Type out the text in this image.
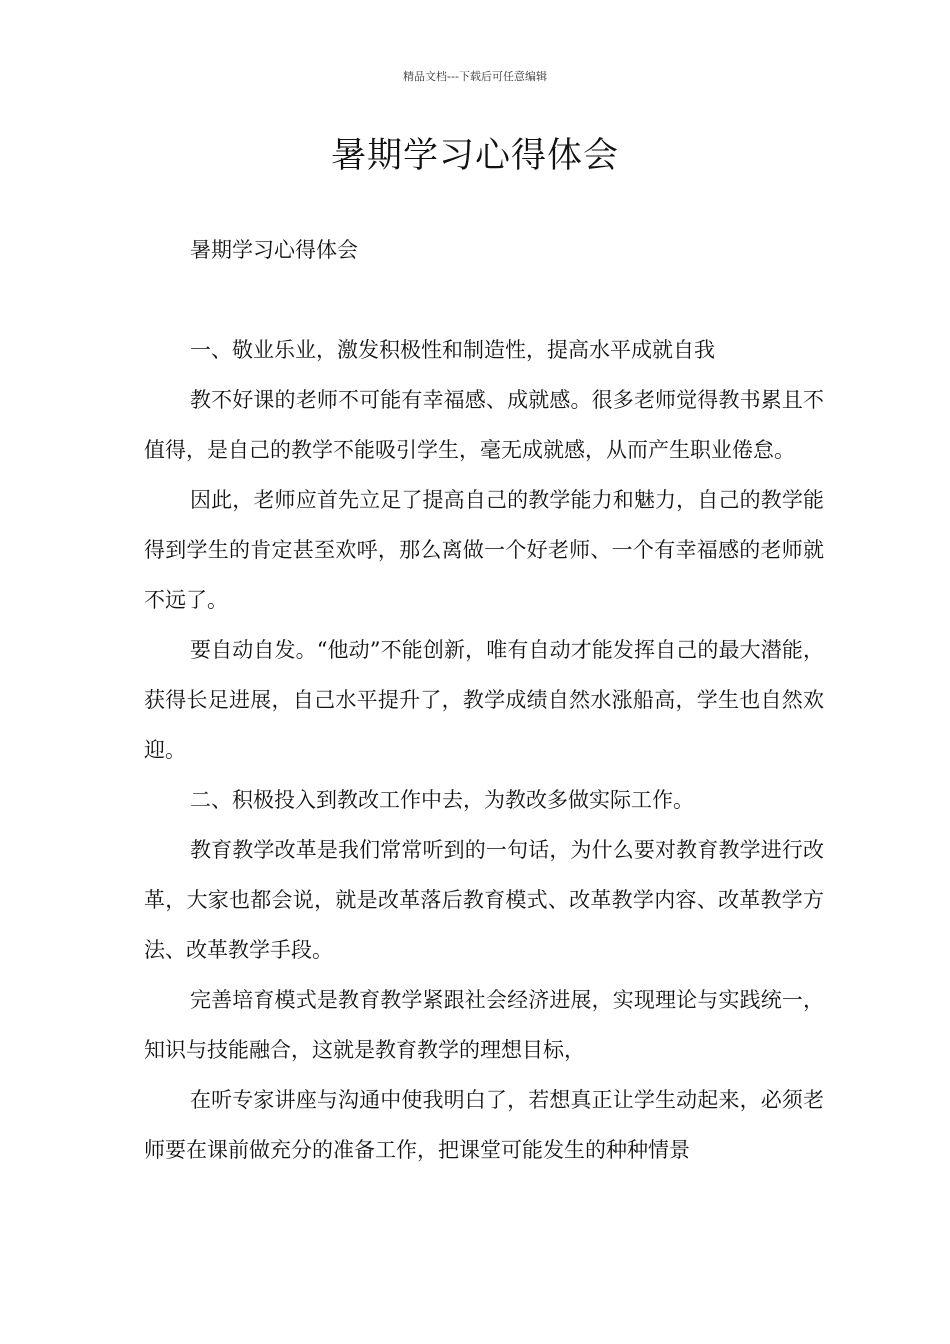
精品文档---下载后可任意编辑
暑期学习心得体会
暑期学习心得体会

一、敬业乐业，激发积极性和制造性，提高水平成就自我

教不好课的老师不可能有幸福感、成就感。很多老师觉得教书累且不值得，是自己的教学不能吸引学生，毫无成就感，从而产生职业倦怠。

因此，老师应首先立足了提高自己的教学能力和魅力，自己的教学能得到学生的肯定甚至欢呼，那么离做一个好老师、一个有幸福感的老师就不远了。

要自动自发。“他动”不能创新，唯有自动才能发挥自己的最大潜能，获得长足进展，自己水平提升了，教学成绩自然水涨船高，学生也自然欢迎。

二、积极投入到教改工作中去，为教改多做实际工作。

教育教学改革是我们常常听到的一句话，为什么要对教育教学进行改革，大家也都会说，就是改革落后教育模式、改革教学内容、改革教学方法、改革教学手段。

完善培育模式是教育教学紧跟社会经济进展，实现理论与实践统一，知识与技能融合，这就是教育教学的理想目标，

在听专家讲座与沟通中使我明白了，若想真正让学生动起来，必须老师要在课前做充分的准备工作，把课堂可能发生的种种情景
